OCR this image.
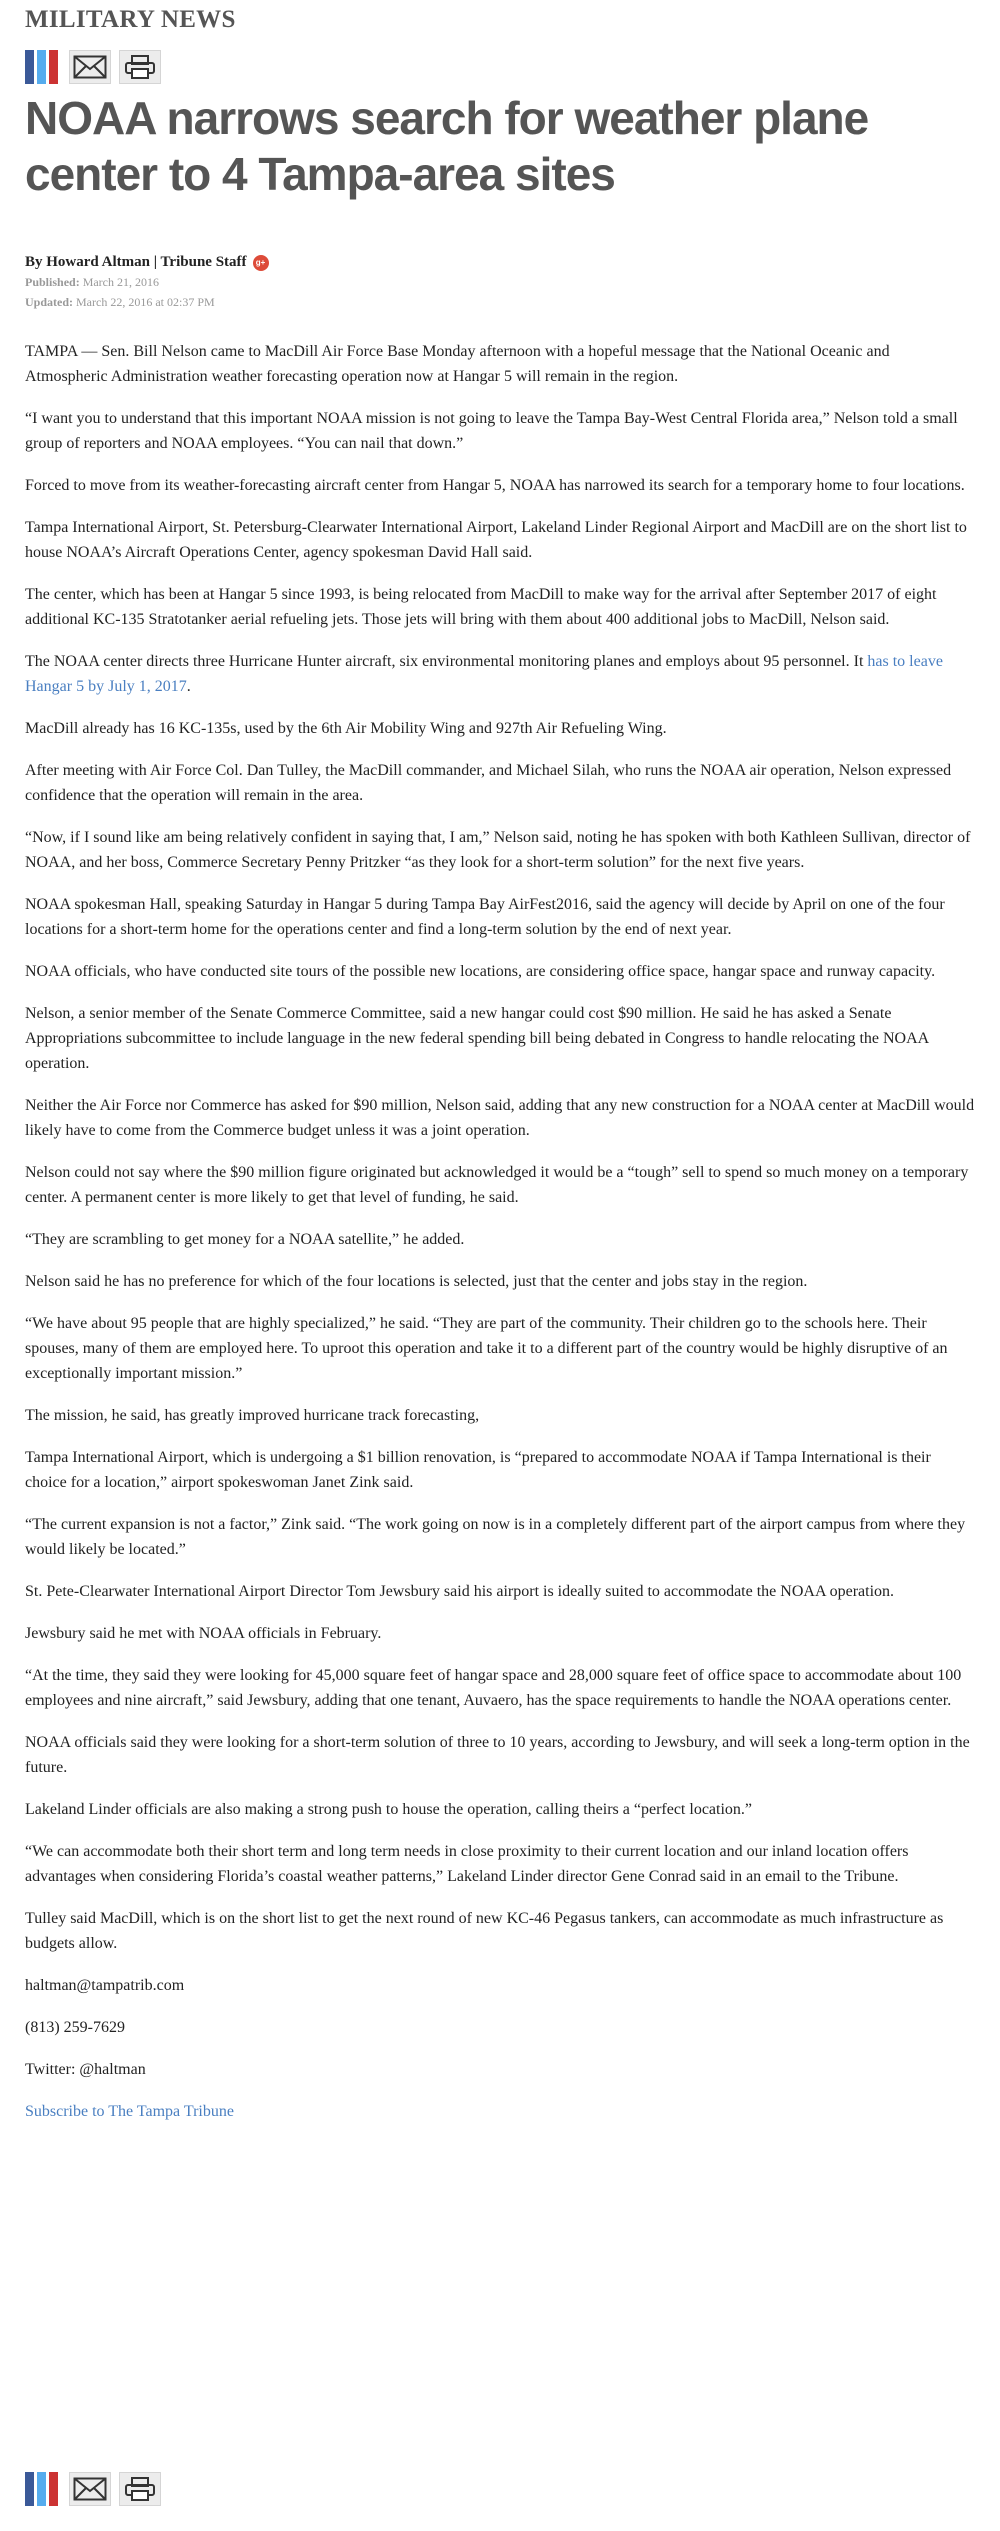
MILITARY NEWS
NOAA narrows search for weather plane center to 4 Tampa-area sites
By Howard Altman | Tribune Staff	g+
Published: March 21, 2016
Updated: March 22, 2016 at 02:37 PM

TAMPA — Sen. Bill Nelson came to MacDill Air Force Base Monday afternoon with a hopeful message that the National Oceanic and Atmospheric Administration weather forecasting operation now at Hangar 5 will remain in the region.

“I want you to understand that this important NOAA mission is not going to leave the Tampa Bay-West Central Florida area,” Nelson told a small group of reporters and NOAA employees. “You can nail that down.”

Forced to move from its weather-forecasting aircraft center from Hangar 5, NOAA has narrowed its search for a temporary home to four locations.

Tampa International Airport, St. Petersburg-Clearwater International Airport, Lakeland Linder Regional Airport and MacDill are on the short list to house NOAA’s Aircraft Operations Center, agency spokesman David Hall said.

The center, which has been at Hangar 5 since 1993, is being relocated from MacDill to make way for the arrival after September 2017 of eight additional KC-135 Stratotanker aerial refueling jets. Those jets will bring with them about 400 additional jobs to MacDill, Nelson said.

The NOAA center directs three Hurricane Hunter aircraft, six environmental monitoring planes and employs about 95 personnel. It has to leave Hangar 5 by July 1, 2017.

MacDill already has 16 KC-135s, used by the 6th Air Mobility Wing and 927th Air Refueling Wing.

After meeting with Air Force Col. Dan Tulley, the MacDill commander, and Michael Silah, who runs the NOAA air operation, Nelson expressed confidence that the operation will remain in the area.

“Now, if I sound like am being relatively confident in saying that, I am,” Nelson said, noting he has spoken with both Kathleen Sullivan, director of NOAA, and her boss, Commerce Secretary Penny Pritzker “as they look for a short-term solution” for the next five years.

NOAA spokesman Hall, speaking Saturday in Hangar 5 during Tampa Bay AirFest2016, said the agency will decide by April on one of the four locations for a short-term home for the operations center and find a long-term solution by the end of next year.

NOAA officials, who have conducted site tours of the possible new locations, are considering office space, hangar space and runway capacity.

Nelson, a senior member of the Senate Commerce Committee, said a new hangar could cost $90 million. He said he has asked a Senate Appropriations subcommittee to include language in the new federal spending bill being debated in Congress to handle relocating the NOAA operation.

Neither the Air Force nor Commerce has asked for $90 million, Nelson said, adding that any new construction for a NOAA center at MacDill would likely have to come from the Commerce budget unless it was a joint operation.

Nelson could not say where the $90 million figure originated but acknowledged it would be a “tough” sell to spend so much money on a temporary center. A permanent center is more likely to get that level of funding, he said.

“They are scrambling to get money for a NOAA satellite,” he added.

Nelson said he has no preference for which of the four locations is selected, just that the center and jobs stay in the region.

“We have about 95 people that are highly specialized,” he said. “They are part of the community. Their children go to the schools here. Their spouses, many of them are employed here. To uproot this operation and take it to a different part of the country would be highly disruptive of an exceptionally important mission.”

The mission, he said, has greatly improved hurricane track forecasting,

Tampa International Airport, which is undergoing a $1 billion renovation, is “prepared to accommodate NOAA if Tampa International is their choice for a location,” airport spokeswoman Janet Zink said.

“The current expansion is not a factor,” Zink said. “The work going on now is in a completely different part of the airport campus from where they would likely be located.”

St. Pete-Clearwater International Airport Director Tom Jewsbury said his airport is ideally suited to accommodate the NOAA operation.

Jewsbury said he met with NOAA officials in February.

“At the time, they said they were looking for 45,000 square feet of hangar space and 28,000 square feet of office space to accommodate about 100 employees and nine aircraft,” said Jewsbury, adding that one tenant, Auvaero, has the space requirements to handle the NOAA operations center.

NOAA officials said they were looking for a short-term solution of three to 10 years, according to Jewsbury, and will seek a long-term option in the future.

Lakeland Linder officials are also making a strong push to house the operation, calling theirs a “perfect location.”

“We can accommodate both their short term and long term needs in close proximity to their current location and our inland location offers advantages when considering Florida’s coastal weather patterns,” Lakeland Linder director Gene Conrad said in an email to the Tribune.

Tulley said MacDill, which is on the short list to get the next round of new KC-46 Pegasus tankers, can accommodate as much infrastructure as budgets allow.

haltman@tampatrib.com

(813) 259-7629

Twitter: @haltman

Subscribe to The Tampa Tribune
